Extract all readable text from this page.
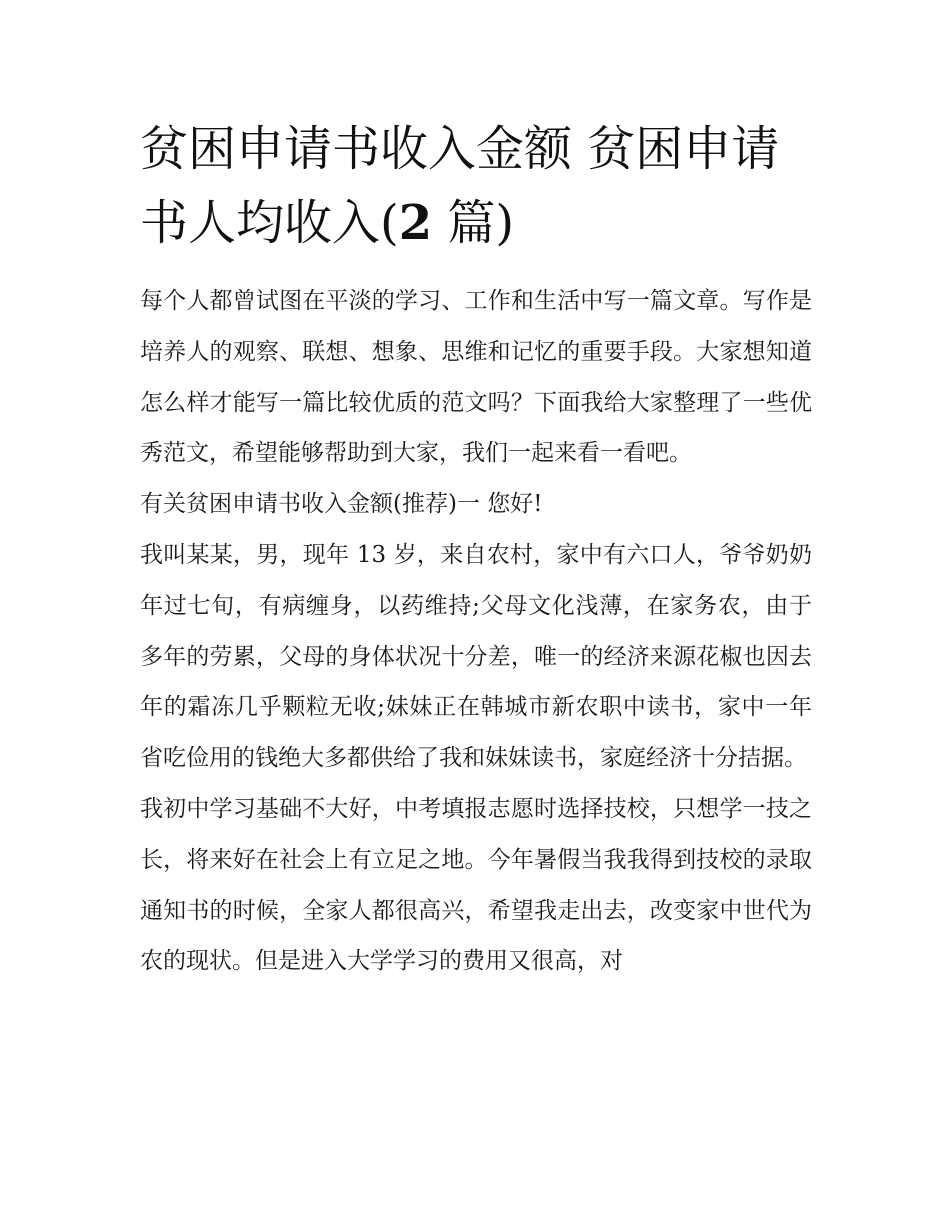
贫困申请书收入金额 贫困申请书人均收入(2 篇)

每个人都曾试图在平淡的学习、工作和生活中写一篇文章。写作是培养人的观察、联想、想象、思维和记忆的重要手段。大家想知道怎么样才能写一篇比较优质的范文吗？下面我给大家整理了一些优秀范文，希望能够帮助到大家，我们一起来看一看吧。

有关贫困申请书收入金额(推荐)一 您好!

我叫某某，男，现年 13 岁，来自农村，家中有六口人，爷爷奶奶年过七旬，有病缠身，以药维持;父母文化浅薄，在家务农，由于多年的劳累，父母的身体状况十分差，唯一的经济来源花椒也因去年的霜冻几乎颗粒无收;妹妹正在韩城市新农职中读书，家中一年省吃俭用的钱绝大多都供给了我和妹妹读书，家庭经济十分拮据。

我初中学习基础不大好，中考填报志愿时选择技校，只想学一技之长，将来好在社会上有立足之地。今年暑假当我我得到技校的录取通知书的时候，全家人都很高兴，希望我走出去，改变家中世代为农的现状。但是进入大学学习的费用又很高，对
